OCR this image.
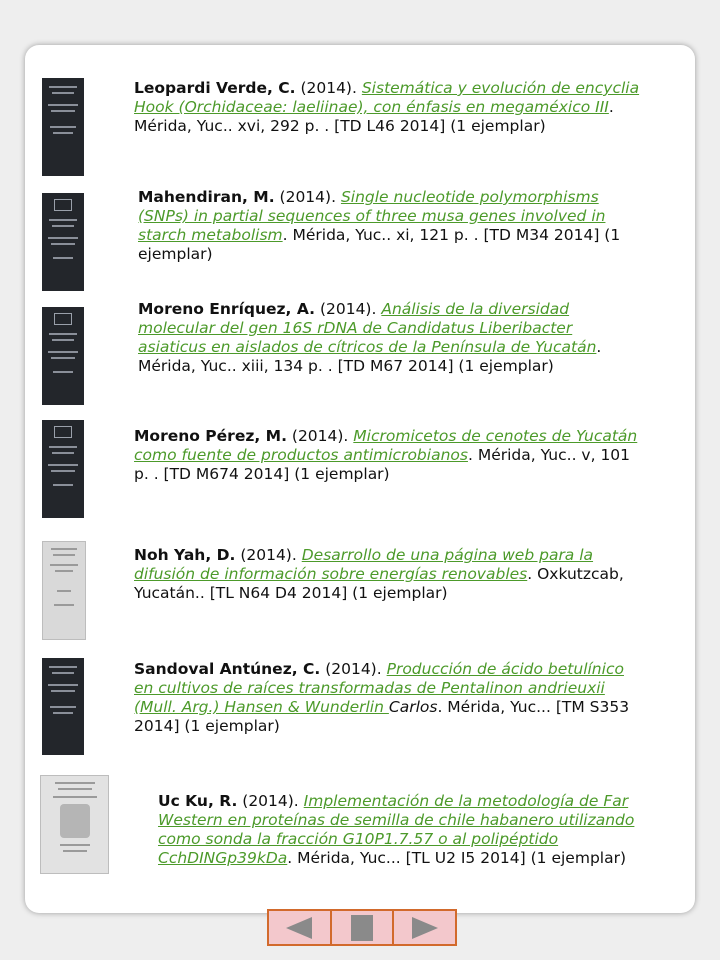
Leopardi Verde, C. (2014). Sistemática y evolución de encyclia Hook (Orchidaceae: laeliinae), con énfasis en megaméxico III. Mérida, Yuc.. xvi, 292 p. . [TD L46 2014] (1 ejemplar)
Mahendiran, M. (2014). Single nucleotide polymorphisms (SNPs) in partial sequences of three musa genes involved in starch metabolism. Mérida, Yuc.. xi, 121 p. . [TD M34 2014] (1 ejemplar)
Moreno Enríquez, A. (2014). Análisis de la diversidad molecular del gen 16S rDNA de Candidatus Liberibacter asiaticus en aislados de cítricos de la Península de Yucatán. Mérida, Yuc.. xiii, 134 p. . [TD M67 2014] (1 ejemplar)
Moreno Pérez, M. (2014). Micromicetos de cenotes de Yucatán como fuente de productos antimicrobianos. Mérida, Yuc.. v, 101 p. . [TD M674 2014] (1 ejemplar)
Noh Yah, D. (2014). Desarrollo de una página web para la difusión de información sobre energías renovables. Oxkutzcab, Yucatán.. [TL N64 D4 2014] (1 ejemplar)
Sandoval Antúnez, C. (2014). Producción de ácido betulínico en cultivos de raíces transformadas de Pentalinon andrieuxii (Mull. Arg.) Hansen & Wunderlin Carlos. Mérida, Yuc... [TM S353 2014] (1 ejemplar)
Uc Ku, R. (2014). Implementación de la metodología de Far Western en proteínas de semilla de chile habanero utilizando como sonda la fracción G10P1.7.57 o al polipéptido CchDINGp39kDa. Mérida, Yuc... [TL U2 I5 2014] (1 ejemplar)
